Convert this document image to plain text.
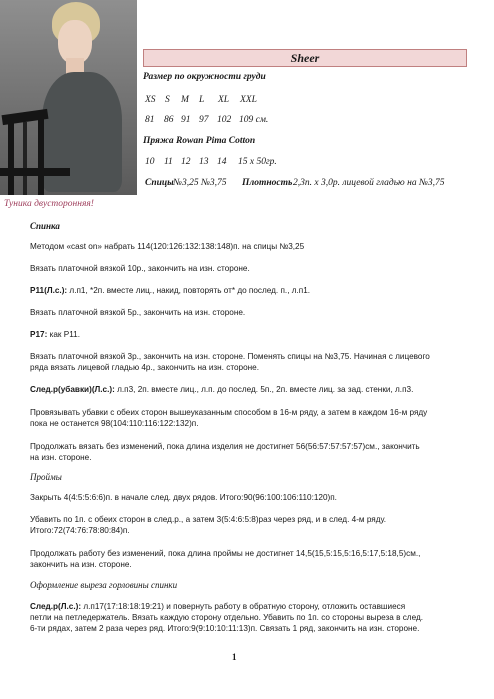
Sheer
Размер по окружности груди
XS S M L XL XXL
81 86 91 97 102 109 см.
Пряжа Rowan Pima Cotton
10 11 12 13 14 15 x 50гр.
Спицы №3,25 №3,75 Плотность 2,3п. x 3,0р. лицевой гладью на №3,75
Туника двусторонняя!
Спинка
Методом «cast on» набрать 114(120:126:132:138:148)п. на спицы №3,25
Вязать платочной вязкой 10р., закончить на изн. стороне.
Р11(Л.с.): л.п1, *2п. вместе лиц., накид, повторять от* до послед. п., л.п1.
Вязать платочной вязкой 5р., закончить на изн. стороне.
Р17: как Р11.
Вязать платочной вязкой 3р., закончить на изн. стороне. Поменять спицы на №3,75. Начиная с лицевого
ряда вязать лицевой гладью 4р., закончить на изн. стороне.
След.р(убавки)(Л.с.): л.п3, 2п. вместе лиц., л.п. до послед. 5п., 2п. вместе лиц. за зад. стенки, л.п3.
Провязывать убавки с обеих сторон вышеуказанным способом в 16-м ряду, а затем в каждом 16-м ряду
пока не останется 98(104:110:116:122:132)п.
Продолжать вязать без изменений, пока длина изделия не достигнет 56(56:57:57:57:57)см., закончить
на изн. стороне.
Проймы
Закрыть 4(4:5:5:6:6)п. в начале след. двух рядов. Итого:90(96:100:106:110:120)п.
Убавить по 1п. с обеих сторон в след.р., а затем 3(5:4:6:5:8)раз через ряд, и в след. 4-м ряду.
Итого:72(74:76:78:80:84)п.
Продолжать работу без изменений, пока длина проймы не достигнет 14,5(15,5:15,5:16,5:17,5:18,5)см.,
закончить на изн. стороне.
Оформление выреза горловины спинки
След.р(Л.с.): л.п17(17:18:18:19:21) и повернуть работу в обратную сторону, отложить оставшиеся
петли на петледержатель. Вязать каждую сторону отдельно. Убавить по 1п. со стороны выреза в след.
6-ти рядах, затем 2 раза через ряд. Итого:9(9:10:10:11:13)п. Связать 1 ряд, закончить на изн. стороне.
1
